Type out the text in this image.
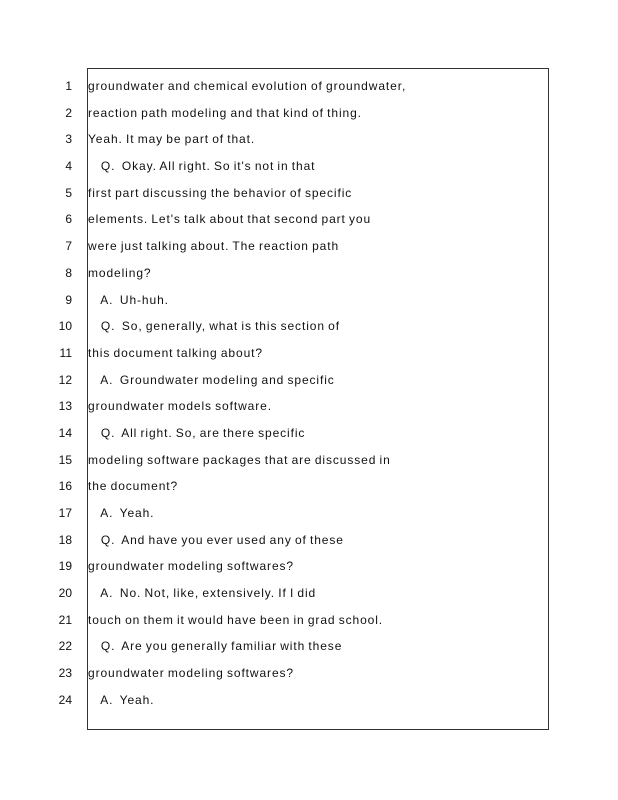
1 groundwater and chemical evolution of groundwater,
2 reaction path modeling and that kind of thing.
3 Yeah. It may be part of that.
4 Q.  Okay. All right. So it's not in that
5 first part discussing the behavior of specific
6 elements. Let's talk about that second part you
7 were just talking about. The reaction path
8 modeling?
9 A.  Uh-huh.
10 Q.  So, generally, what is this section of
11 this document talking about?
12 A.  Groundwater modeling and specific
13 groundwater models software.
14 Q.  All right. So, are there specific
15 modeling software packages that are discussed in
16 the document?
17 A.  Yeah.
18 Q.  And have you ever used any of these
19 groundwater modeling softwares?
20 A.  No. Not, like, extensively. If I did
21 touch on them it would have been in grad school.
22 Q.  Are you generally familiar with these
23 groundwater modeling softwares?
24 A.  Yeah.
